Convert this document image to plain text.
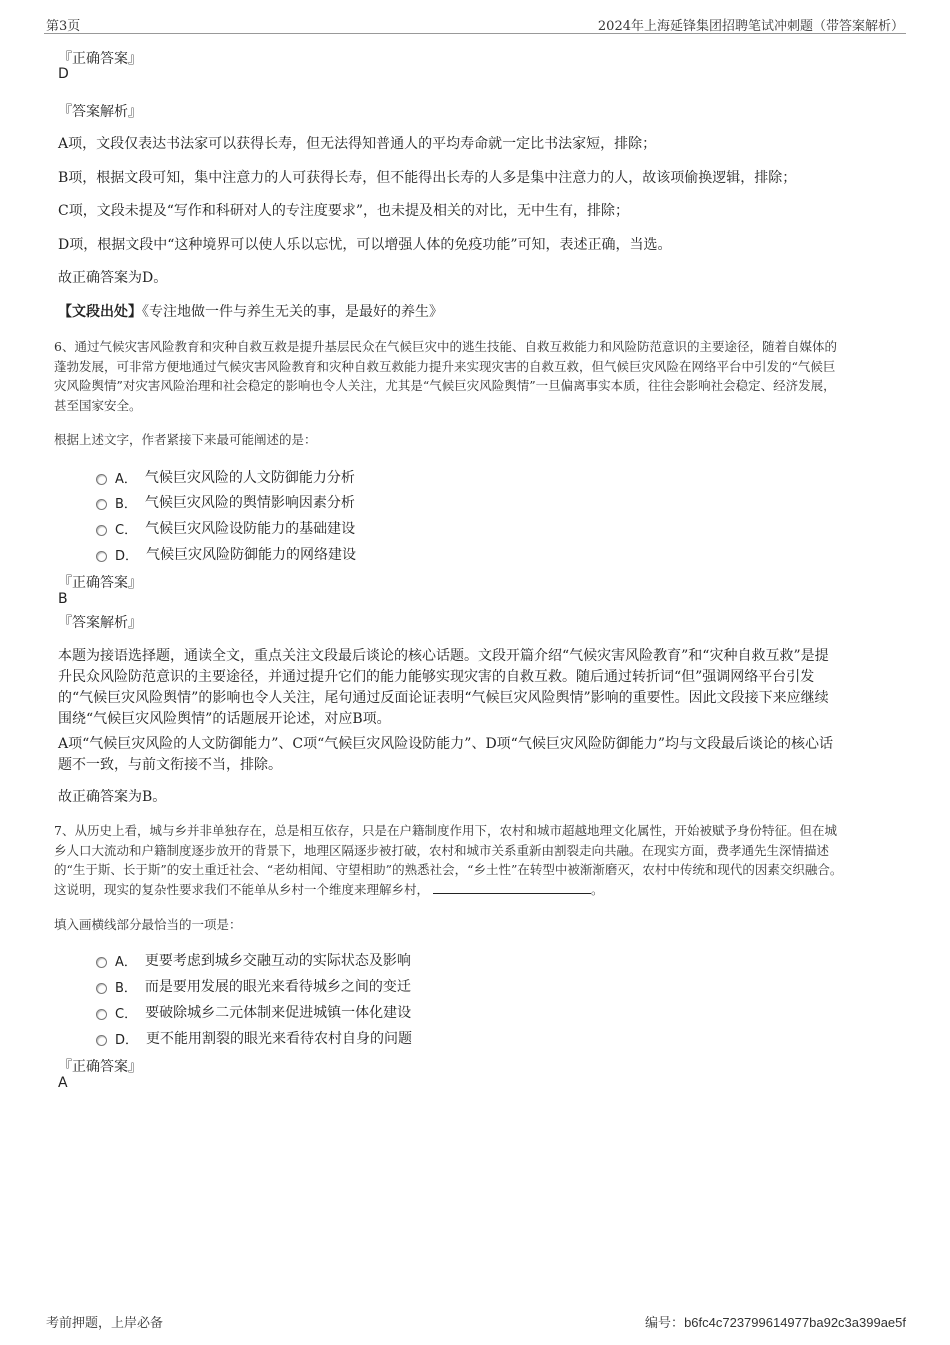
第3页	2024年上海延锋集团招聘笔试冲刺题（带答案解析）
『正确答案』
D
『答案解析』
A项，文段仅表达书法家可以获得长寿，但无法得知普通人的平均寿命就一定比书法家短，排除；
B项，根据文段可知，集中注意力的人可获得长寿，但不能得出长寿的人多是集中注意力的人，故该项偷换逻辑，排除；
C项，文段未提及“写作和科研对人的专注度要求”，也未提及相关的对比，无中生有，排除；
D项，根据文段中“这种境界可以使人乐以忘忧，可以增强人体的免疫功能”可知，表述正确，当选。
故正确答案为D。
【文段出处】《专注地做一件与养生无关的事，是最好的养生》
6、通过气候灾害风险教育和灾种自救互救是提升基层民众在气候巨灾中的逃生技能、自救互救能力和风险防范意识的主要途径，随着自媒体的
蓬勃发展，可非常方便地通过气候灾害风险教育和灾种自救互救能力提升来实现灾害的自救互救，但气候巨灾风险在网络平台中引发的“气候巨
灾风险舆情”对灾害风险治理和社会稳定的影响也令人关注，尤其是“气候巨灾风险舆情”一旦偏离事实本质，往往会影响社会稳定、经济发展，
甚至国家安全。
根据上述文字，作者紧接下来最可能阐述的是：
A． 气候巨灾风险的人文防御能力分析
B． 气候巨灾风险的舆情影响因素分析
C． 气候巨灾风险设防能力的基础建设
D． 气候巨灾风险防御能力的网络建设
『正确答案』
B
『答案解析』
本题为接语选择题，通读全文，重点关注文段最后谈论的核心话题。文段开篇介绍“气候灾害风险教育”和“灾种自救互救”是提
升民众风险防范意识的主要途径，并通过提升它们的能力能够实现灾害的自救互救。随后通过转折词“但”强调网络平台引发
的“气候巨灾风险舆情”的影响也令人关注，尾句通过反面论证表明“气候巨灾风险舆情”影响的重要性。因此文段接下来应继续
围绕“气候巨灾风险舆情”的话题展开论述，对应B项。
A项“气候巨灾风险的人文防御能力”、C项“气候巨灾风险设防能力”、D项“气候巨灾风险防御能力”均与文段最后谈论的核心话
题不一致，与前文衔接不当，排除。
故正确答案为B。
7、从历史上看，城与乡并非单独存在，总是相互依存，只是在户籍制度作用下，农村和城市超越地理文化属性，开始被赋予身份特征。但在城
乡人口大流动和户籍制度逐步放开的背景下，地理区隔逐步被打破，农村和城市关系重新由割裂走向共融。在现实方面，费孝通先生深情描述
的“生于斯、长于斯”的安土重迁社会、“老幼相闻、守望相助”的熟悉社会，“乡土性”在转型中被渐渐磨灭，农村中传统和现代的因素交织融合。
这说明，现实的复杂性要求我们不能单从乡村一个维度来理解乡村，	。
填入画横线部分最恰当的一项是：
A． 更要考虑到城乡交融互动的实际状态及影响
B． 而是要用发展的眼光来看待城乡之间的变迁
C． 要破除城乡二元体制来促进城镇一体化建设
D． 更不能用割裂的眼光来看待农村自身的问题
『正确答案』
A
考前押题，上岸必备	编号：b6fc4c723799614977ba92c3a399ae5f
